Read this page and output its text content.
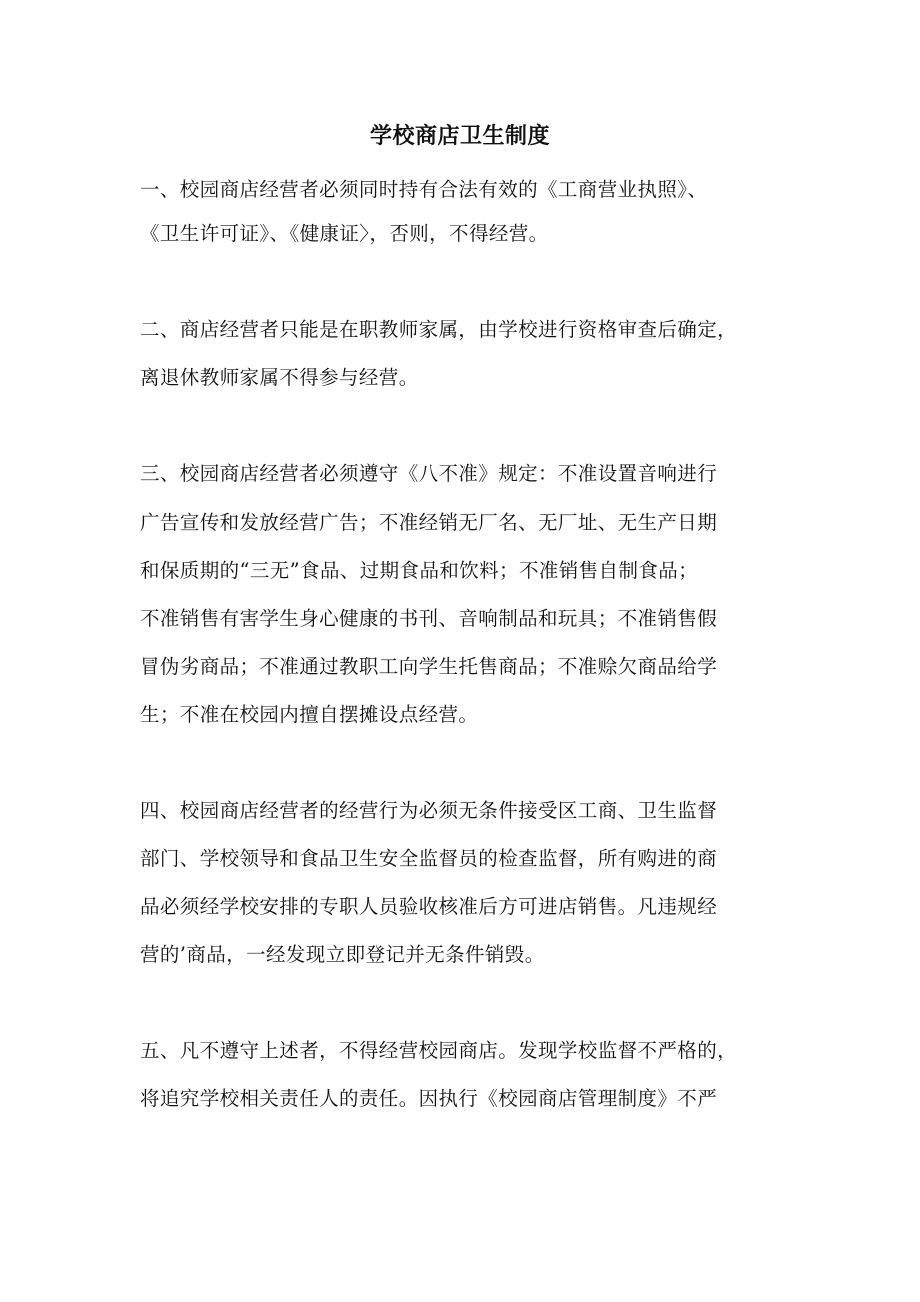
学校商店卫生制度
一、校园商店经营者必须同时持有合法有效的《工商营业执照》、
《卫生许可证》、《健康证〉，否则，不得经营。
二、商店经营者只能是在职教师家属，由学校进行资格审查后确定，
离退休教师家属不得参与经营。
三、校园商店经营者必须遵守《八不准》规定：不准设置音响进行
广告宣传和发放经营广告；不准经销无厂名、无厂址、无生产日期
和保质期的“三无”食品、过期食品和饮料；不准销售自制食品；
不准销售有害学生身心健康的书刊、音响制品和玩具；不准销售假
冒伪劣商品；不准通过教职工向学生托售商品；不准赊欠商品给学
生；不准在校园内擅自摆摊设点经营。
四、校园商店经营者的经营行为必须无条件接受区工商、卫生监督
部门、学校领导和食品卫生安全监督员的检查监督，所有购进的商
品必须经学校安排的专职人员验收核准后方可进店销售。凡违规经
营的’商品，一经发现立即登记并无条件销毁。
五、凡不遵守上述者，不得经营校园商店。发现学校监督不严格的，
将追究学校相关责任人的责任。因执行《校园商店管理制度》不严
